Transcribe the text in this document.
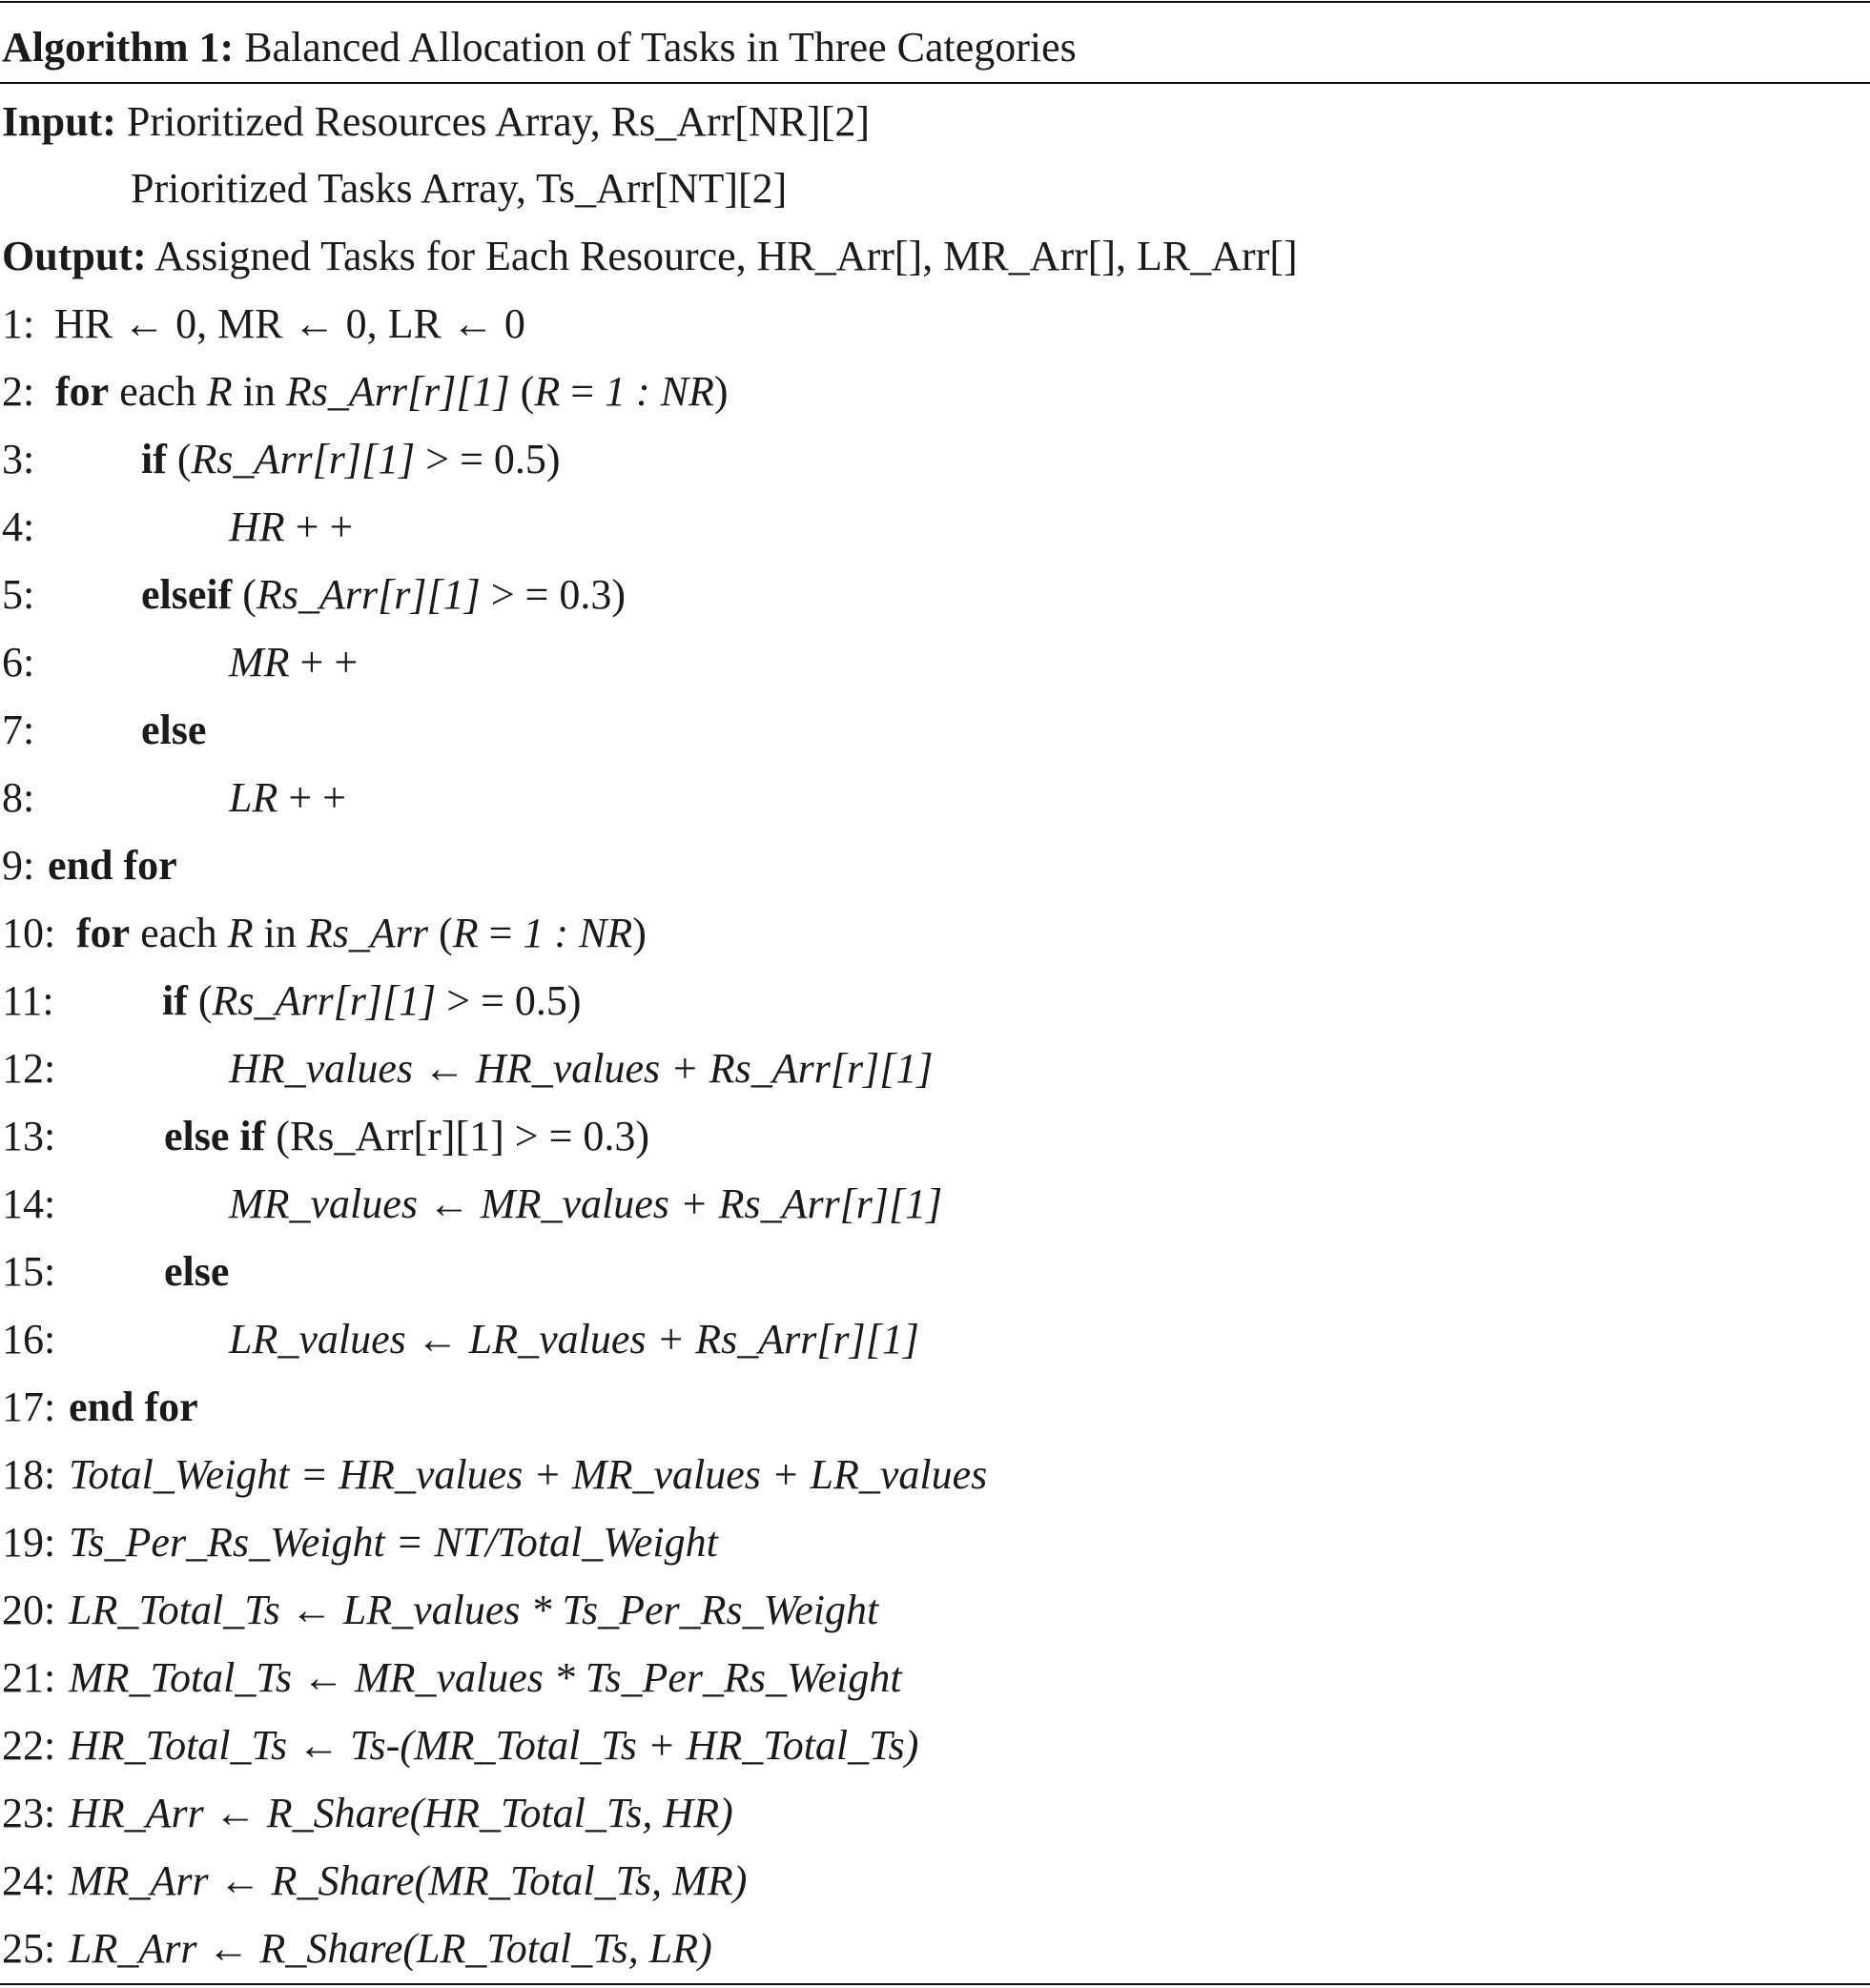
Algorithm 1: Balanced Allocation of Tasks in Three Categories
Input: Prioritized Resources Array, Rs_Arr[NR][2]
Prioritized Tasks Array, Ts_Arr[NT][2]
Output: Assigned Tasks for Each Resource, HR_Arr[], MR_Arr[], LR_Arr[]
1: HR ← 0, MR ← 0, LR ← 0
2: for each R in Rs_Arr[r][1] (R = 1 : NR)
3:	if (Rs_Arr[r][1] > = 0.5)
4:	HR + +
5:	elseif (Rs_Arr[r][1] > = 0.3)
6:	MR + +
7:	else
8:	LR + +
9: end for
10: for each R in Rs_Arr (R = 1 : NR)
11:	if (Rs_Arr[r][1] > = 0.5)
12:	HR_values ← HR_values + Rs_Arr[r][1]
13:	else if (Rs_Arr[r][1] > = 0.3)
14:	MR_values ← MR_values + Rs_Arr[r][1]
15:	else
16:	LR_values ← LR_values + Rs_Arr[r][1]
17: end for
18: Total_Weight = HR_values + MR_values + LR_values
19: Ts_Per_Rs_Weight = NT/Total_Weight
20: LR_Total_Ts ← LR_values * Ts_Per_Rs_Weight
21: MR_Total_Ts ← MR_values * Ts_Per_Rs_Weight
22: HR_Total_Ts ← Ts-(MR_Total_Ts + HR_Total_Ts)
23: HR_Arr ← R_Share(HR_Total_Ts, HR)
24: MR_Arr ← R_Share(MR_Total_Ts, MR)
25: LR_Arr ← R_Share(LR_Total_Ts, LR)
